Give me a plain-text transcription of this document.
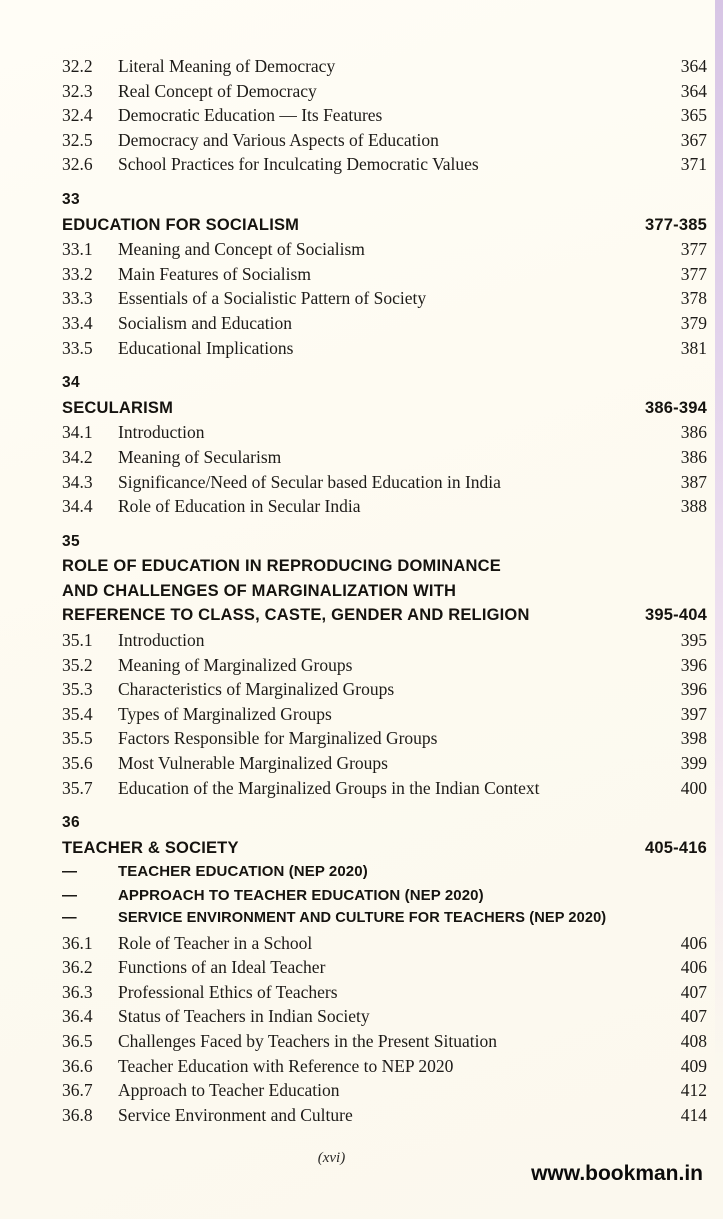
32.2	Literal Meaning of Democracy	364
32.3	Real Concept of Democracy	364
32.4	Democratic Education — Its Features	365
32.5	Democracy and Various Aspects of Education	367
32.6	School Practices for Inculcating Democratic Values	371
33
EDUCATION FOR SOCIALISM	377-385
33.1	Meaning and Concept of Socialism	377
33.2	Main Features of Socialism	377
33.3	Essentials of a Socialistic Pattern of Society	378
33.4	Socialism and Education	379
33.5	Educational Implications	381
34
SECULARISM	386-394
34.1	Introduction	386
34.2	Meaning of Secularism	386
34.3	Significance/Need of Secular based Education in India	387
34.4	Role of Education in Secular India	388
35
ROLE OF EDUCATION IN REPRODUCING DOMINANCE
AND CHALLENGES OF MARGINALIZATION WITH
REFERENCE TO CLASS, CASTE, GENDER AND RELIGION	395-404
35.1	Introduction	395
35.2	Meaning of Marginalized Groups	396
35.3	Characteristics of Marginalized Groups	396
35.4	Types of Marginalized Groups	397
35.5	Factors Responsible for Marginalized Groups	398
35.6	Most Vulnerable Marginalized Groups	399
35.7	Education of the Marginalized Groups in the Indian Context	400
36
TEACHER & SOCIETY	405-416
—	TEACHER EDUCATION (NEP 2020)
—	APPROACH TO TEACHER EDUCATION (NEP 2020)
—	SERVICE ENVIRONMENT AND CULTURE FOR TEACHERS (NEP 2020)
36.1	Role of Teacher in a School	406
36.2	Functions of an Ideal Teacher	406
36.3	Professional Ethics of Teachers	407
36.4	Status of Teachers in Indian Society	407
36.5	Challenges Faced by Teachers in the Present Situation	408
36.6	Teacher Education with Reference to NEP 2020	409
36.7	Approach to Teacher Education	412
36.8	Service Environment and Culture	414
(xvi)
www.bookman.in
